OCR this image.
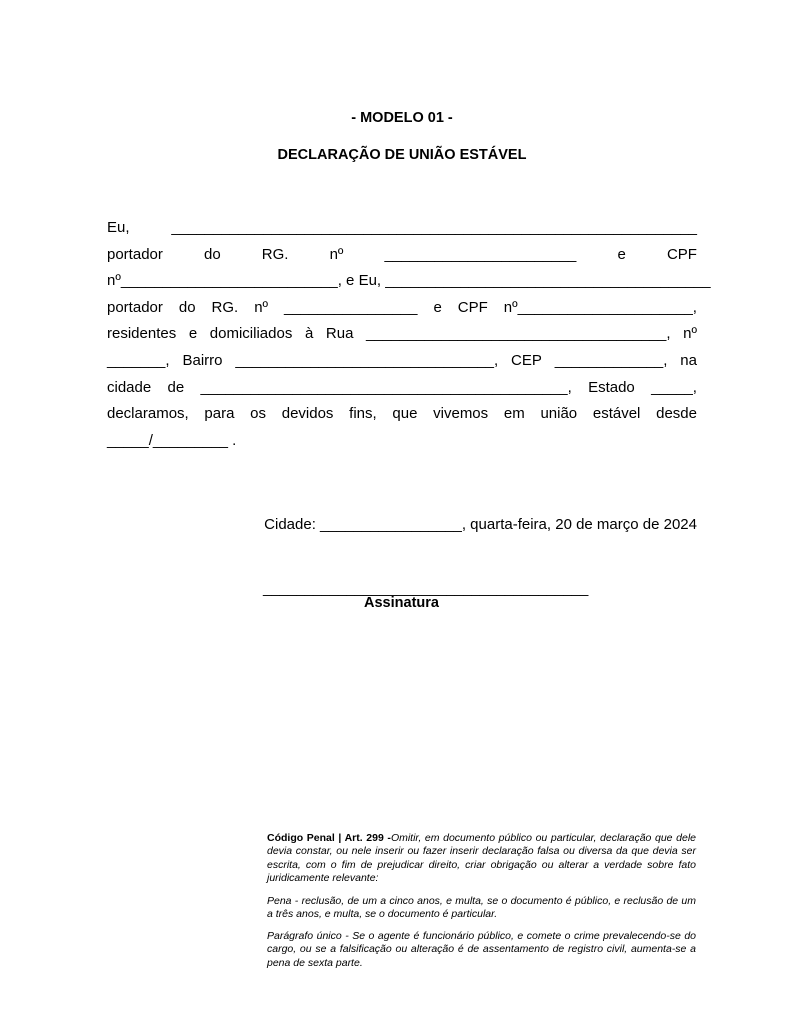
- MODELO 01 -
DECLARAÇÃO DE UNIÃO ESTÁVEL
Eu,	_______________________________________________________________
portador	do	RG.	nº	_______________________	e	CPF
nº__________________________, e Eu, _______________________________________
portador do RG. nº ________________ e CPF nº_____________________,
residentes e domiciliados à Rua ____________________________________, nº
_______, Bairro _______________________________, CEP _____________, na
cidade de ____________________________________________, Estado _____,
declaramos, para os devidos fins, que vivemos em união estável desde
_____/_________ .
Cidade: _________________, quarta-feira, 20 de março de 2024
_______________________________________
Assinatura
Código Penal | Art. 299 -Omitir, em documento público ou particular, declaração que dele devia constar, ou nele inserir ou fazer inserir declaração falsa ou diversa da que devia ser escrita, com o fim de prejudicar direito, criar obrigação ou alterar a verdade sobre fato juridicamente relevante:
Pena - reclusão, de um a cinco anos, e multa, se o documento é público, e reclusão de um a três anos, e multa, se o documento é particular.
Parágrafo único - Se o agente é funcionário público, e comete o crime prevalecendo-se do cargo, ou se a falsificação ou alteração é de assentamento de registro civil, aumenta-se a pena de sexta parte.
